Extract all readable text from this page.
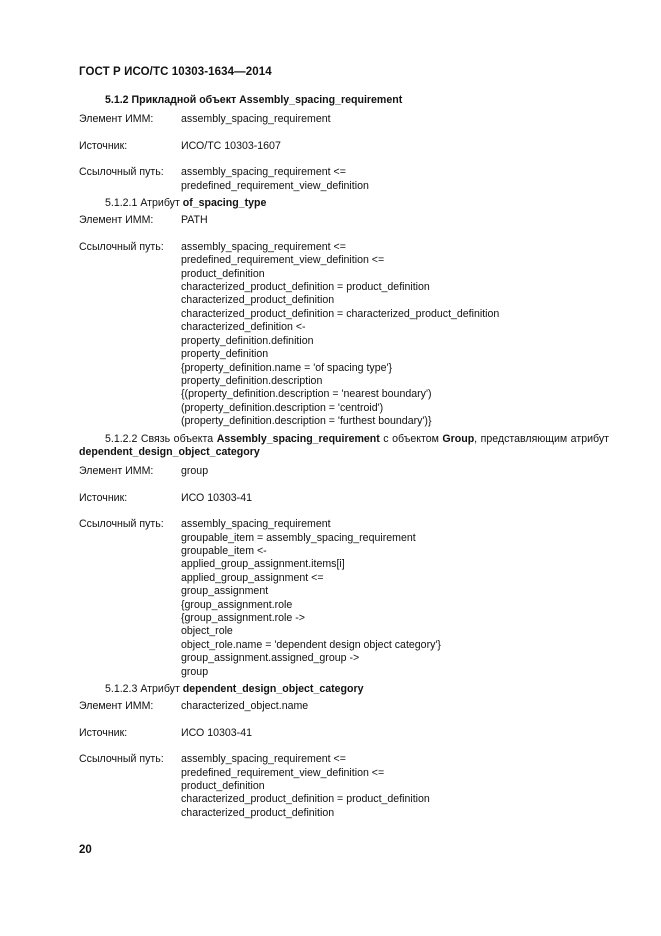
ГОСТ Р ИСО/ТС 10303-1634—2014
5.1.2 Прикладной объект Assembly_spacing_requirement
Элемент ИММ:	assembly_spacing_requirement
Источник:	ИСО/ТС 10303-1607
Ссылочный путь:	assembly_spacing_requirement <=
predefined_requirement_view_definition
5.1.2.1 Атрибут of_spacing_type
Элемент ИММ:	PATH
Ссылочный путь:	assembly_spacing_requirement <=
predefined_requirement_view_definition <=
product_definition
characterized_product_definition = product_definition
characterized_product_definition
characterized_product_definition = characterized_product_definition
characterized_definition <-
property_definition.definition
property_definition
{property_definition.name = 'of spacing type'}
property_definition.description
{(property_definition.description = 'nearest boundary')
(property_definition.description = 'centroid')
(property_definition.description = 'furthest boundary')}
5.1.2.2 Связь объекта Assembly_spacing_requirement с объектом Group, представляющим атрибут dependent_design_object_category
Элемент ИММ:	group
Источник:	ИСО 10303-41
Ссылочный путь:	assembly_spacing_requirement
groupable_item = assembly_spacing_requirement
groupable_item <-
applied_group_assignment.items[i]
applied_group_assignment <=
group_assignment
{group_assignment.role
{group_assignment.role ->
object_role
object_role.name = 'dependent design object category'}
group_assignment.assigned_group ->
group
5.1.2.3 Атрибут dependent_design_object_category
Элемент ИММ:	characterized_object.name
Источник:	ИСО 10303-41
Ссылочный путь:	assembly_spacing_requirement <=
predefined_requirement_view_definition <=
product_definition
characterized_product_definition = product_definition
characterized_product_definition
20
